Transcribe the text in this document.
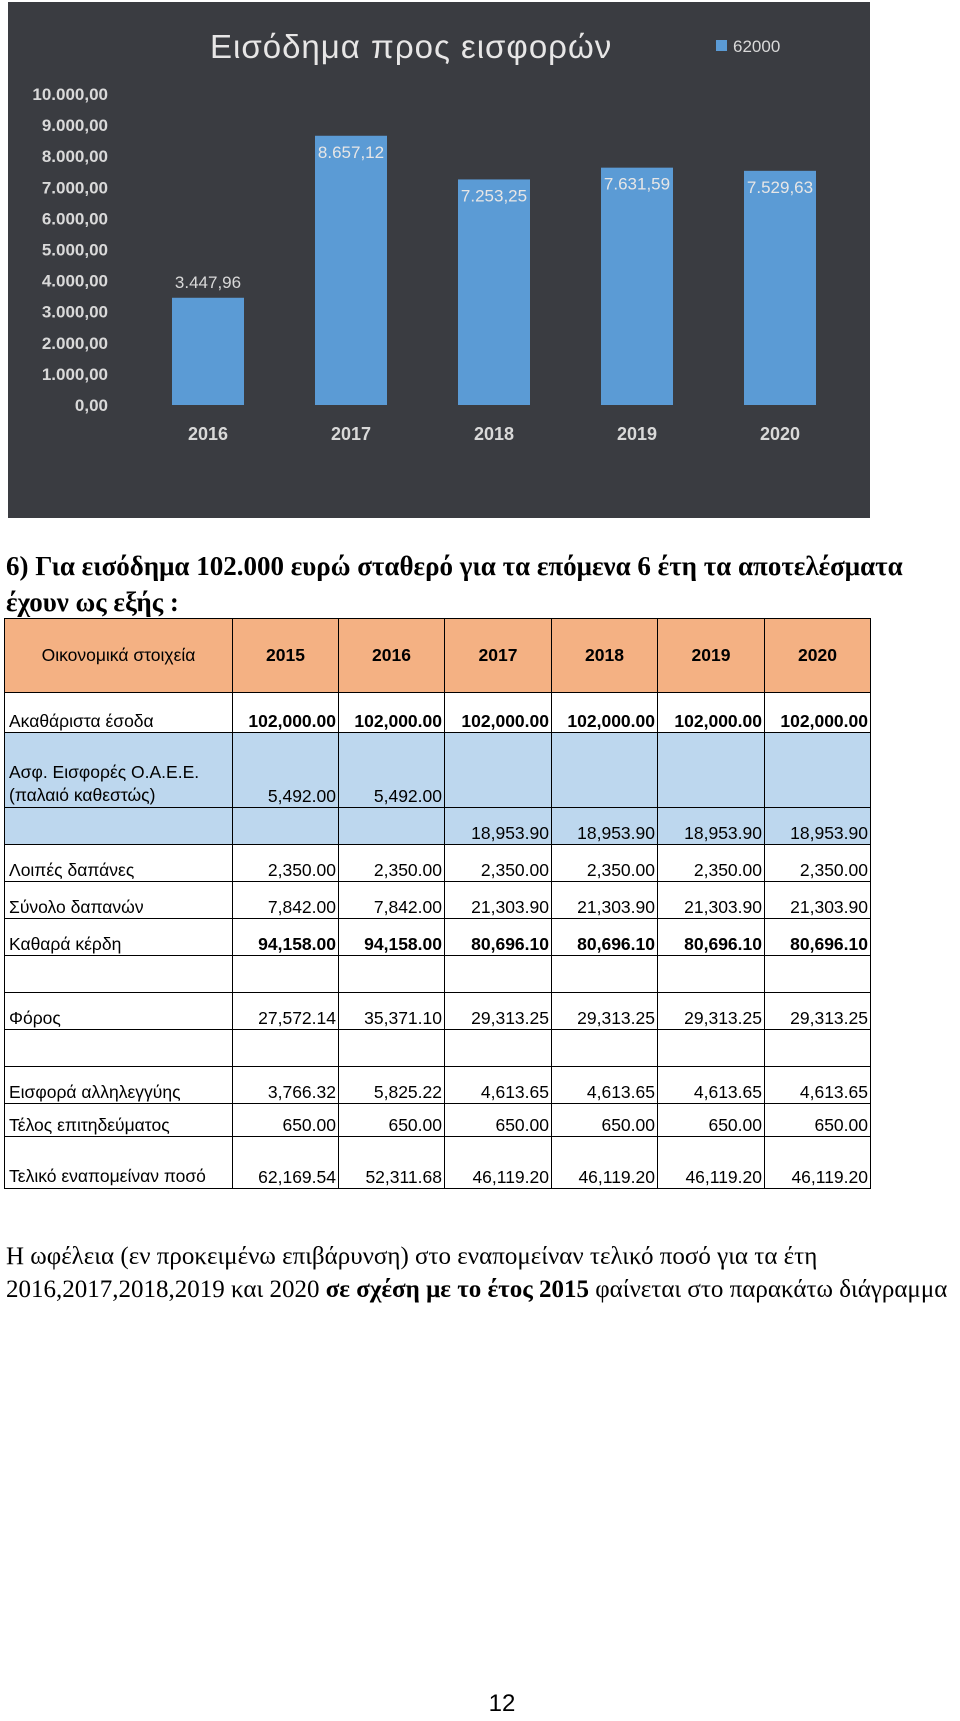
Εισόδημα προς εισφορών	62000
0,00
1.000,00
2.000,00
3.000,00
4.000,00
5.000,00
6.000,00
7.000,00
8.000,00
9.000,00
10.000,00
3.447,96
8.657,12
7.253,25
7.631,59	7.529,63
2016	2017	2018	2019	2020
6) Για εισόδημα 102.000 ευρώ σταθερό για τα επόμενα 6 έτη τα αποτελέσματα έχουν ως εξής :
Οικονομικά στοιχεία	2015	2016	2017	2018	2019	2020
Ακαθάριστα έσοδα	102,000.00	102,000.00	102,000.00	102,000.00	102,000.00	102,000.00
Ασφ. Εισφορές Ο.Α.Ε.Ε. (παλαιό καθεστώς)	5,492.00	5,492.00				
			18,953.90	18,953.90	18,953.90	18,953.90
Λοιπές δαπάνες	2,350.00	2,350.00	2,350.00	2,350.00	2,350.00	2,350.00
Σύνολο δαπανών	7,842.00	7,842.00	21,303.90	21,303.90	21,303.90	21,303.90
Καθαρά κέρδη	94,158.00	94,158.00	80,696.10	80,696.10	80,696.10	80,696.10

Φόρος	27,572.14	35,371.10	29,313.25	29,313.25	29,313.25	29,313.25

Εισφορά αλληλεγγύης	3,766.32	5,825.22	4,613.65	4,613.65	4,613.65	4,613.65
Τέλος επιτηδεύματος	650.00	650.00	650.00	650.00	650.00	650.00
Τελικό εναπομείναν ποσό	62,169.54	52,311.68	46,119.20	46,119.20	46,119.20	46,119.20
Η ωφέλεια (εν προκειμένω επιβάρυνση) στο εναπομείναν τελικό ποσό για τα έτη 2016,2017,2018,2019 και 2020 σε σχέση με το έτος 2015 φαίνεται στο παρακάτω διάγραμμα
12
